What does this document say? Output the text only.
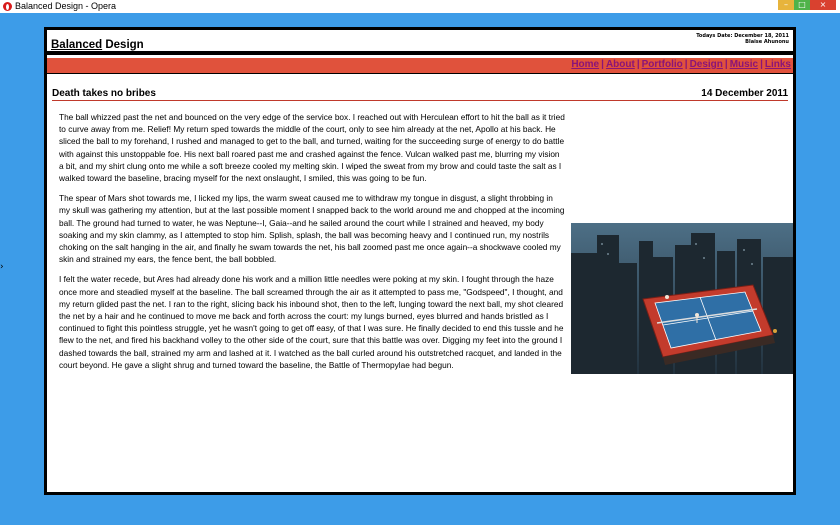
Balanced Design - Opera	–	□	×
›
Balanced Design
Todays Date: December 18, 2011
Blaise Ahunonu
Home | About | Portfolio | Design | Music | Links
Death takes no bribes	14 December 2011

The ball whizzed past the net and bounced on the very edge of the service box. I reached out with Herculean effort to hit the ball as it tried to curve away from me. Relief! My return sped towards the middle of the court, only to see him already at the net, Apollo at his back. He sliced the ball to my forehand, I rushed and managed to get to the ball, and turned, waiting for the succeeding surge of energy to do battle with against this unstoppable foe. His next ball roared past me and crashed against the fence. Vulcan walked past me, blurring my vision a bit, and my shirt clung onto me while a soft breeze cooled my melting skin. I wiped the sweat from my brow and could taste the salt as I walked toward the baseline, bracing myself for the next onslaught, I smiled, this was going to be fun.

The spear of Mars shot towards me, I licked my lips, the warm sweat caused me to withdraw my tongue in disgust, a slight throbbing in my skull was gathering my attention, but at the last possible moment I snapped back to the world around me and chopped at the incoming ball. The ground had turned to water, he was Neptune--I, Gaia--and he sailed around the court while I strained and heaved, my body soaking and my skin clammy, as I attempted to stop him. Splish, splash, the ball was becoming heavy and I continued run, my nostrils choking on the salt hanging in the air, and finally he swam towards the net, his ball zoomed past me once again--a shockwave cooled my skin and strained my ears, the fence bent, the ball bobbled.

I felt the water recede, but Ares had already done his work and a million little needles were poking at my skin. I fought through the haze once more and steadied myself at the baseline. The ball screamed through the air as it attempted to pass me, "Godspeed", I thought, and my return glided past the net. I ran to the right, slicing back his inbound shot, then to the left, lunging toward the next ball, my shot cleared the net by a hair and he continued to move me back and forth across the court: my lungs burned, eyes blurred and hands bristled as I continued to fight this pointless struggle, yet he wasn't going to get off easy, of that I was sure. He finally decided to end this tussle and he flew to the net, and fired his backhand volley to the other side of the court, sure that this battle was over. Digging my feet into the ground I dashed towards the ball, strained my arm and lashed at it. I watched as the ball curled around his outstretched racquet, and landed in the court beyond. He gave a slight shrug and turned toward the baseline, the Battle of Thermopylae had begun.
